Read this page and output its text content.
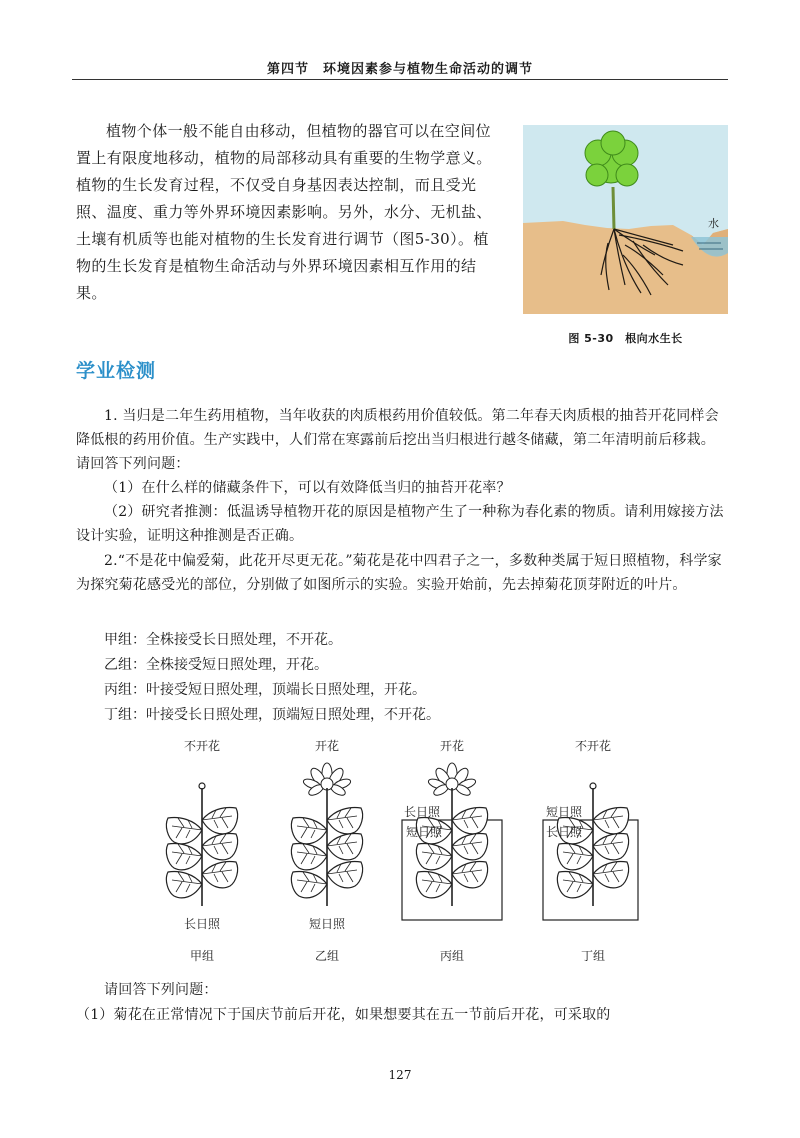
第四节　环境因素参与植物生命活动的调节

植物个体一般不能自由移动，但植物的器官可以在空间位置上有限度地移动，植物的局部移动具有重要的生物学意义。植物的生长发育过程，不仅受自身基因表达控制，而且受光照、温度、重力等外界环境因素影响。另外，水分、无机盐、土壤有机质等也能对植物的生长发育进行调节（图5-30）。植物的生长发育是植物生命活动与外界环境因素相互作用的结果。

水
图 5-30　根向水生长
学业检测

1. 当归是二年生药用植物，当年收获的肉质根药用价值较低。第二年春天肉质根的抽苔开花同样会降低根的药用价值。生产实践中，人们常在寒露前后挖出当归根进行越冬储藏，第二年清明前后移栽。请回答下列问题：

（1）在什么样的储藏条件下，可以有效降低当归的抽苔开花率？

（2）研究者推测：低温诱导植物开花的原因是植物产生了一种称为春化素的物质。请利用嫁接方法设计实验，证明这种推测是否正确。

2.“不是花中偏爱菊，此花开尽更无花。”菊花是花中四君子之一，多数种类属于短日照植物，科学家为探究菊花感受光的部位，分别做了如图所示的实验。实验开始前，先去掉菊花顶芽附近的叶片。

甲组：全株接受长日照处理，不开花。
乙组：全株接受短日照处理，开花。
丙组：叶接受短日照处理，顶端长日照处理，开花。
丁组：叶接受长日照处理，顶端短日照处理，不开花。
不开花
长日照
甲组
开花
短日照
乙组
开花
长日照
短日照
丙组
不开花
短日照
长日照
丁组

请回答下列问题：

（1）菊花在正常情况下于国庆节前后开花，如果想要其在五一节前后开花，可采取的

127
